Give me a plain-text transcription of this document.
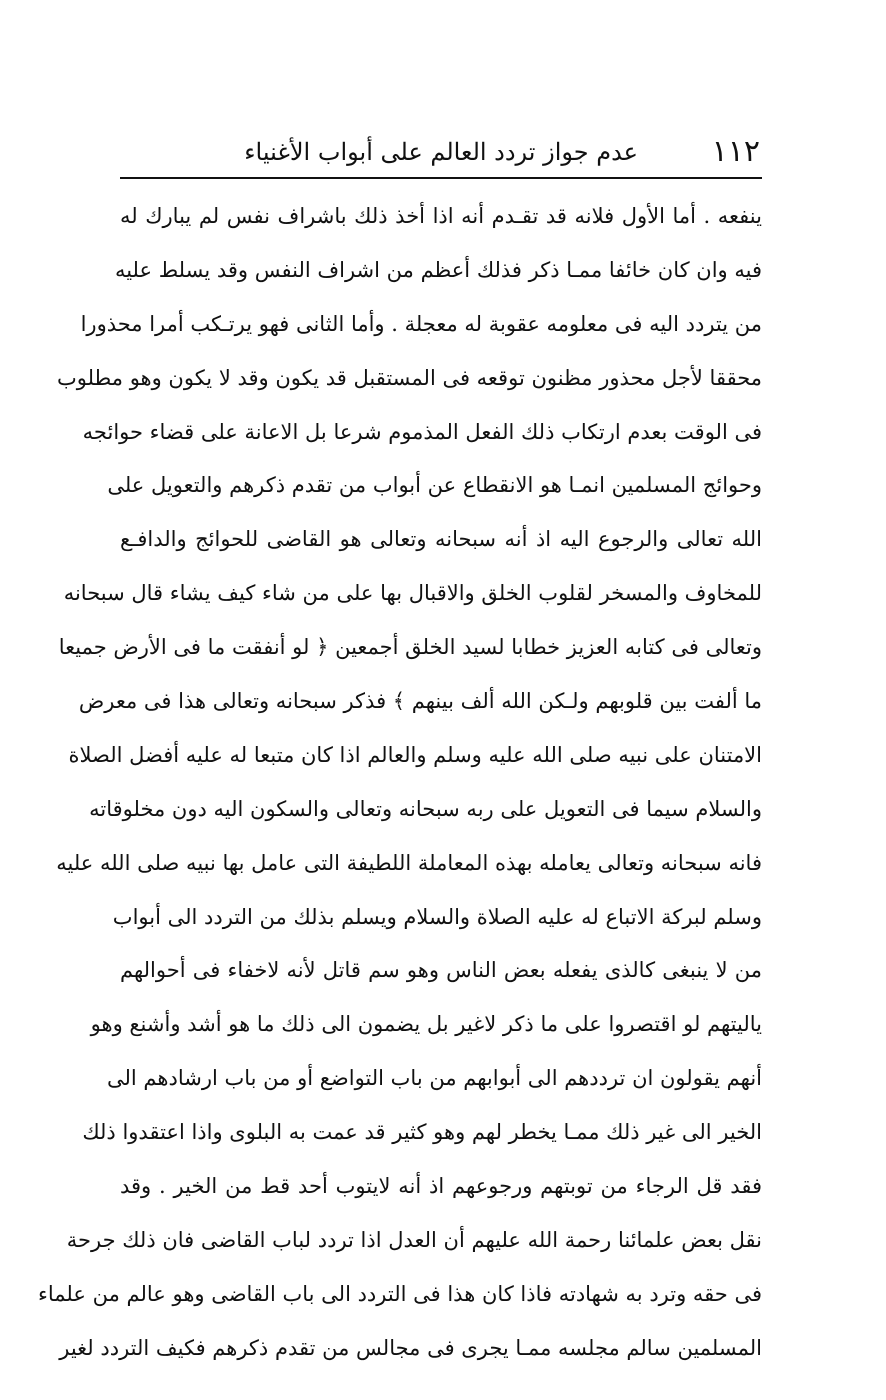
١١٢
عدم جواز تردد العالم على أبواب الأغنياء
ينفعه . أما الأول فلانه قد تقـدم أنه اذا أخذ ذلك باشراف نفس لم يبارك له
فيه وان كان خائفا ممـا ذكر فذلك أعظم من اشراف النفس وقد يسلط عليه
من يتردد اليه فى معلومه عقوبة له معجلة . وأما الثانى فهو يرتـكب أمرا محذورا
محققا لأجل محذور مظنون توقعه فى المستقبل قد يكون وقد لا يكون وهو مطلوب
فى الوقت بعدم ارتكاب ذلك الفعل المذموم شرعا بل الاعانة على قضاء حوائجه
وحوائج المسلمين انمـا هو الانقطاع عن أبواب من تقدم ذكرهم والتعويل على
الله تعالى والرجوع اليه اذ أنه سبحانه وتعالى هو القاضى للحوائج والدافـع
للمخاوف والمسخر لقلوب الخلق والاقبال بها على من شاء كيف يشاء قال سبحانه
وتعالى فى كتابه العزيز خطابا لسيد الخلق أجمعين ﴿ لو أنفقت ما فى الأرض جميعا
ما ألفت بين قلوبهم ولـكن الله ألف بينهم ﴾ فذكر سبحانه وتعالى هذا فى معرض
الامتنان على نبيه صلى الله عليه وسلم والعالم اذا كان متبعا له عليه أفضل الصلاة
والسلام سيما فى التعويل على ربه سبحانه وتعالى والسكون اليه دون مخلوقاته
فانه سبحانه وتعالى يعامله بهذه المعاملة اللطيفة التى عامل بها نبيه صلى الله عليه
وسلم لبركة الاتباع له عليه الصلاة والسلام ويسلم بذلك من التردد الى أبواب
من لا ينبغى كالذى يفعله بعض الناس وهو سم قاتل لأنه لاخفاء فى أحوالهم
ياليتهم لو اقتصروا على ما ذكر لاغير بل يضمون الى ذلك ما هو أشد وأشنع وهو
أنهم يقولون ان ترددهم الى أبوابهم من باب التواضع أو من باب ارشادهم الى
الخير الى غير ذلك ممـا يخطر لهم وهو كثير قد عمت به البلوى واذا اعتقدوا ذلك
فقد قل الرجاء من توبتهم ورجوعهم اذ أنه لايتوب أحد قط من الخير . وقد
نقل بعض علمائنا رحمة الله عليهم أن العدل اذا تردد لباب القاضى فان ذلك جرحة
فى حقه وترد به شهادته فاذا كان هذا فى التردد الى باب القاضى وهو عالم من علماء
المسلمين سالم مجلسه ممـا يجرى فى مجالس من تقدم ذكرهم فكيف التردد لغير
